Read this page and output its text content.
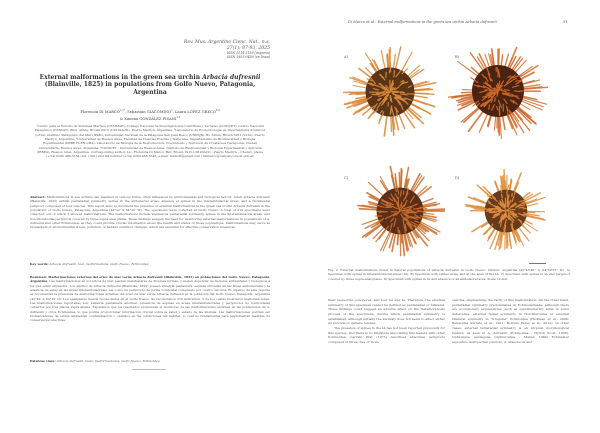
Rev. Mus. Argentino Cienc. Nat., n.s.
27(1): 87-93, 2025
ISSN 1514-5158 (impresa)
ISSN 1853-0400 (en línea)
External malformations in the green sea urchin Arbacia dufresnii (Blainville, 1825) in populations from Golfo Nuevo, Patagonia, Argentina
Florencia DI $MARCO^{1,2*}$, Sebastián GIACOMINO$^1$, Laura LÓPEZ GRECO$^{3,4}$
& Ximena GONZÁLEZ PISANI$^{1,2}$
¹Centro para el Estudio de Sistemas Marinos (CESIMAR), Consejo Nacional de Investigaciones Científicas y Técnicas (CONICET), Centro Nacional Patagónico (CENPAT), Blvd. Almte. Brown 2915 (U9120ACD), Puerto Madryn, Argentina. ²Laboratorio de Ecotoxicología en Invertebrados Acuáticos (LEIA), Instituto Patagónico del Mar (IPaM), Universidad Nacional de la Patagonia San Juan Bosco (UNPSJB), Bv. Almte. Brown 3051 (9120), Puerto Madryn, Argentina. ³Universidad de Buenos Aires, Facultad de Ciencias Exactas y Naturales, Departamento de Biodiversidad y Biología Experimental (DBBE FCEN-UBA), Laboratorio de Biología de la Reproducción, Crecimiento y Nutrición de Crustáceos Decápodos, Ciudad Universitaria, Buenos Aires, Argentina. ⁴CONICET - Universidad de Buenos Aires, Instituto de Biodiversidad y Biología Experimental y Aplicada (IBBEA), Buenos Aires, Argentina. Corresponding author: Lic. Florencia Di Marco, Bvd. Brown 2915-U9120ACD - Puerto Madryn – Chubut, phone (+54) 0280 488-3184 (Int. 1301) and fax number (+54) 0280 488-3543, e-mail: fbrdivff@gmail.com / fdimarco@cenpat-conicet.gob.ar
Abstract: Malformations in sea urchins can manifest in various forms, often influenced by environmental and biological factors. Adult Arbacia dufresnii (Blainville, 1825) exhibit pentaradial symmetry, spines in the ambulacral areas, absence of spines in the interambulacral areas, and a rhomboidal periproct composed of four ossicles. This report aims to document the presence of external malformations in the green sea urchin Arbacia dufresnii in the population of Golfo Nuevo, Patagonia, Argentina (42°42' S 64°30' W). The specimens were collected at Golfo Nuevo. A total of 319 specimens were collected, out of which 5 showed malformations. The malformations include anomalous pentaradial symmetry, spines in the interambulacral areas, and non-rhomboidal periprocts covered by three supra-anal plates. These findings suggest the need for monitoring external malformations in populations of A. dufresnii and other Echinoidea, as they could provide crucial information about the health and status of those populations. Malformations may serve as biomarkers of environmental stress, pollution, or habitat condition changes, which are essential for effective conservation measures.
Key words: Arbacia dufresnii, test, malformations, Golfo Nuevo, Echinoidea
Resumen: Malformaciones externas del erizo de mar verde Arbacia dufresnii (Blainville, 1825) en poblaciones del Golfo Nuevo, Patagonia, Argentina. Las malformaciones en los erizos de mar pueden manifestarse de diversas formas, y suelen depender de factores ambientales y biológicos a los que están expuestos. Los adultos de Arbacia dufresnii (Blainville, 1825) poseen simetría pentámera, espinas ubicadas en las áreas ambulacrales y la ausencia de estas en las áreas interambulacrales, así como un periprocto de forma romboidal compuesto por cuatro osículos. El objetivo de este reporte es documentar la presencia de malformaciones externas del erizo de mar verde Arbacia dufresnii en la población del Golfo Nuevo, Patagonia, Argentina (42°42' S 64°30' O). Los ejemplares fueron recolectados en el Golfo Nuevo. Se recolectaron 319 individuos, 5 de los cuales mostraron malformaciones. Las malformaciones reportadas son: simetría pentámera anormal, presencia de espinas en áreas interambulacrales y periproctos no romboidales cubiertos por tres placas supra-anales. Esperamos que los resultados promuevan el monitoreo de las malformaciones externas en las poblaciones de A. dufresnii y otros Echinoidea, lo que podría proporcionar información crucial sobre la salud y estado de las mismas. Las malformaciones podrían ser biomarcadores de estrés ambiental, contaminación o cambios en las condiciones del hábitat, lo cual es fundamental para implementar medidas de conservación efectivas.
Palabras clave: Arbacia dufresnii, testa, malformaciones, Golfo Nuevo, Echinoidea
Di Marco et al.: External malformations in the green sea urchin Arbacia dufresnii	91
A)	B)
C)	D)
Fig. 2. External malformations found in natural populations of Arbacia dufresnii in Golfo Nuevo, Chubut, Argentina (42°46'46'' S, 64°59'52'' W). A) Specimen with spines in interambulacral areas (IA). B) Specimen with spines along and at the apex of the IA. C) Specimen with spines in IA and periproct covered by three supra-anal plates. D) Specimen with spines in IA and absence of an ambulacral area. Scale 10 mm.

their respective gonopores, and four AA and IA. Therefore, the external symmetry of this specimen cannot be defined as pentaradial or bilateral. These findings could suggest an adverse effect on the metamorphosis process of the specimens, during which pentaradial symmetry is established, although initially the anomaly does not seem to affect either its survival or gamete release.

The presence of spines in the IA has not been reported previously for this species, and there is no literature associating this feature with other Echinoidea. Larrain Prat (1975) described abnormal periprocts composed of three, five or more

ossicles, emphasizing the rarity of this malformation. On the other hand, pentaradial symmetry predominates in Echinodermata, although there are evolutionary asymmetries, such as supernumerary arms in some Asteroidea, external radial symmetry in Holothuroidea or external bilateral symmetry in "irregular" Echinoidea (Hickman et al., 2006; Benavides Serrato et al., 2011; Borrero Pérez et al., 2012). In other cases, external tetraradial symmetry is an atypical morphological feature, as seen in A. dufresnii (Echinoidea - Hylton Scott, 1938), Ophiomyxa pentagona (Ophiuroidea - Manar, 1984) Echinaster sepositus, Astropecten jonstoni, A. aranciacus and
